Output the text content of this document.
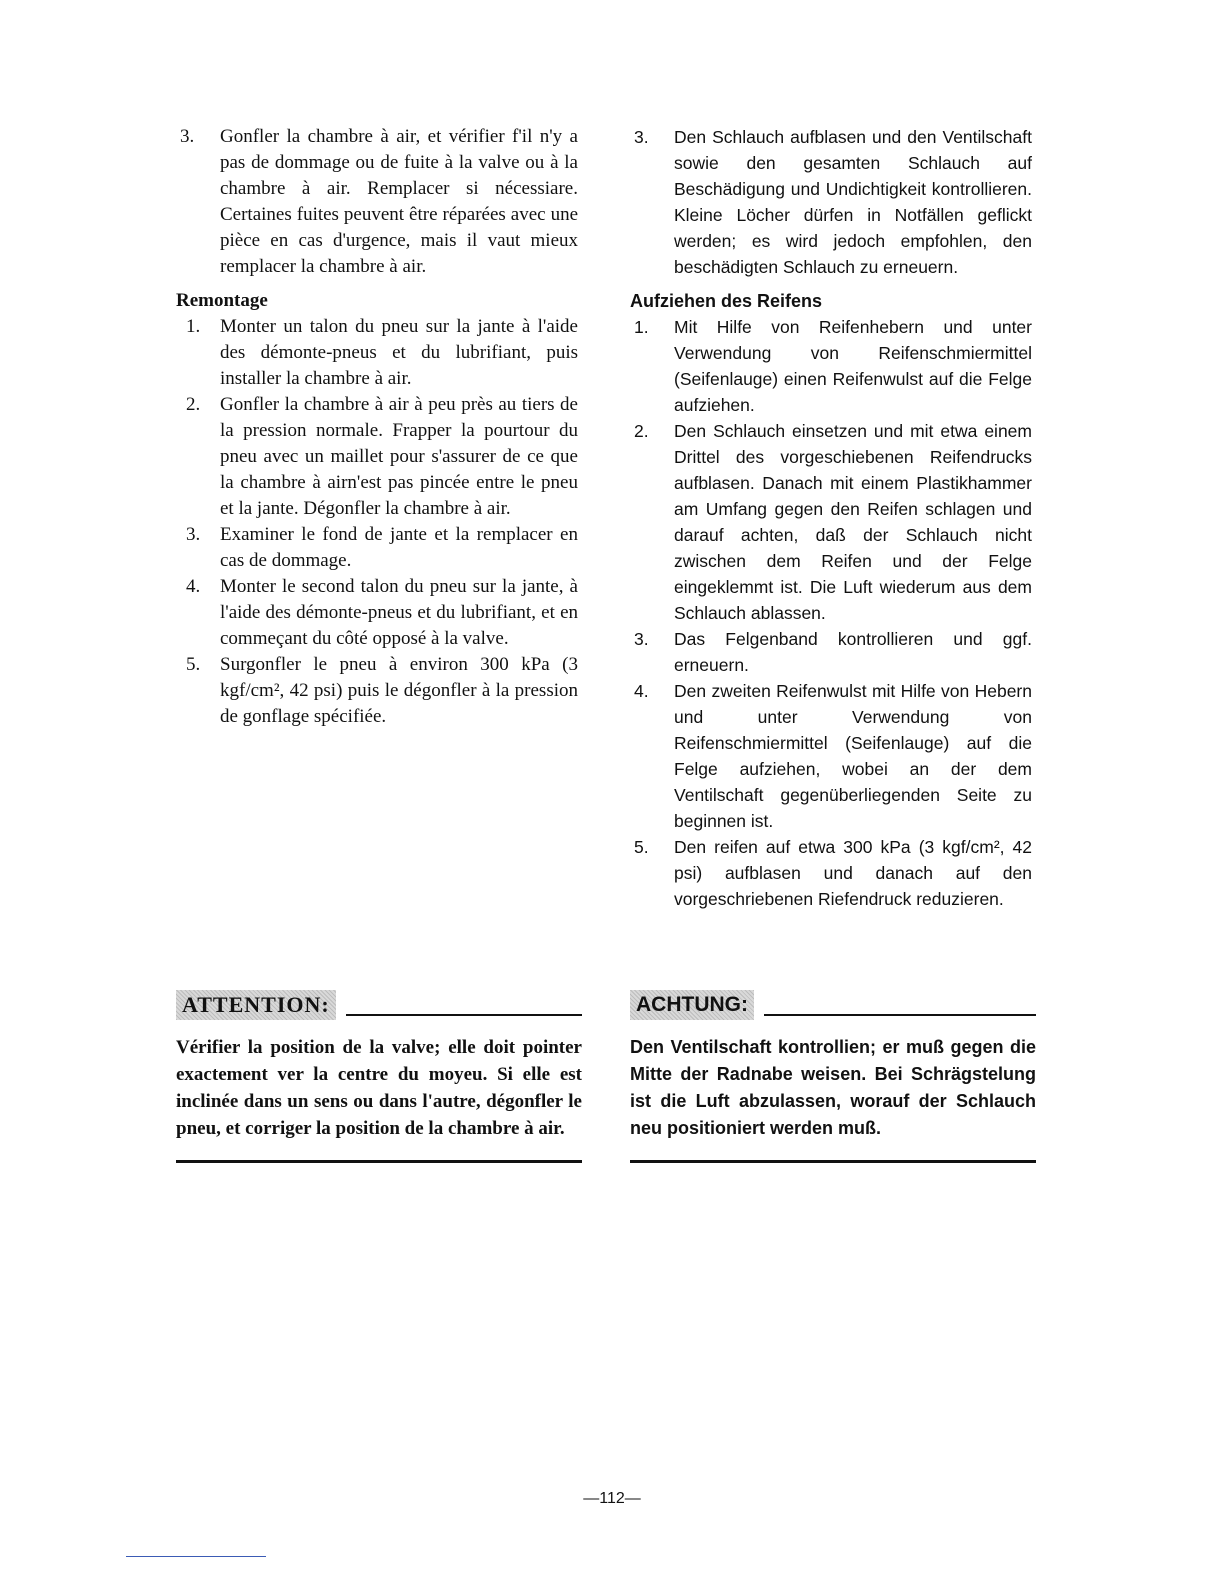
3.	Gonfler la chambre à air, et vérifier f'il n'y a pas de dommage ou de fuite à la valve ou à la chambre à air. Remplacer si nécessiare. Certaines fuites peuvent être réparées avec une pièce en cas d'urgence, mais il vaut mieux remplacer la chambre à air.
Remontage
1.	Monter un talon du pneu sur la jante à l'aide des démonte-pneus et du lubrifiant, puis installer la chambre à air.
2.	Gonfler la chambre à air à peu près au tiers de la pression normale. Frapper la pourtour du pneu avec un maillet pour s'assurer de ce que la chambre à airn'est pas pincée entre le pneu et la jante. Dégonfler la chambre à air.
3.	Examiner le fond de jante et la remplacer en cas de dommage.
4.	Monter le second talon du pneu sur la jante, à l'aide des démonte-pneus et du lubrifiant, et en commeçant du côté opposé à la valve.
5.	Surgonfler le pneu à environ 300 kPa (3 kgf/cm², 42 psi) puis le dégonfler à la pression de gonflage spécifiée.
3.	Den Schlauch aufblasen und den Ventilschaft sowie den gesamten Schlauch auf Beschädigung und Undichtigkeit kontrollieren. Kleine Löcher dürfen in Notfällen geflickt werden; es wird jedoch empfohlen, den beschädigten Schlauch zu erneuern.
Aufziehen des Reifens
1.	Mit Hilfe von Reifenhebern und unter Verwendung von Reifenschmiermittel (Seifenlauge) einen Reifenwulst auf die Felge aufziehen.
2.	Den Schlauch einsetzen und mit etwa einem Drittel des vorgeschiebenen Reifendrucks aufblasen. Danach mit einem Plastikhammer am Umfang gegen den Reifen schlagen und darauf achten, daß der Schlauch nicht zwischen dem Reifen und der Felge eingeklemmt ist. Die Luft wiederum aus dem Schlauch ablassen.
3.	Das Felgenband kontrollieren und ggf. erneuern.
4.	Den zweiten Reifenwulst mit Hilfe von Hebern und unter Verwendung von Reifenschmiermittel (Seifenlauge) auf die Felge aufziehen, wobei an der dem Ventilschaft gegenüberliegenden Seite zu beginnen ist.
5.	Den reifen auf etwa 300 kPa (3 kgf/cm², 42 psi) aufblasen und danach auf den vorgeschriebenen Riefendruck reduzieren.
ATTENTION:
Vérifier la position de la valve; elle doit pointer exactement ver la centre du moyeu. Si elle est inclinée dans un sens ou dans l'autre, dégonfler le pneu, et corriger la position de la chambre à air.
ACHTUNG:
Den Ventilschaft kontrollien; er muß gegen die Mitte der Radnabe weisen. Bei Schrägstelung ist die Luft abzulassen, worauf der Schlauch neu positioniert werden muß.
—112—
